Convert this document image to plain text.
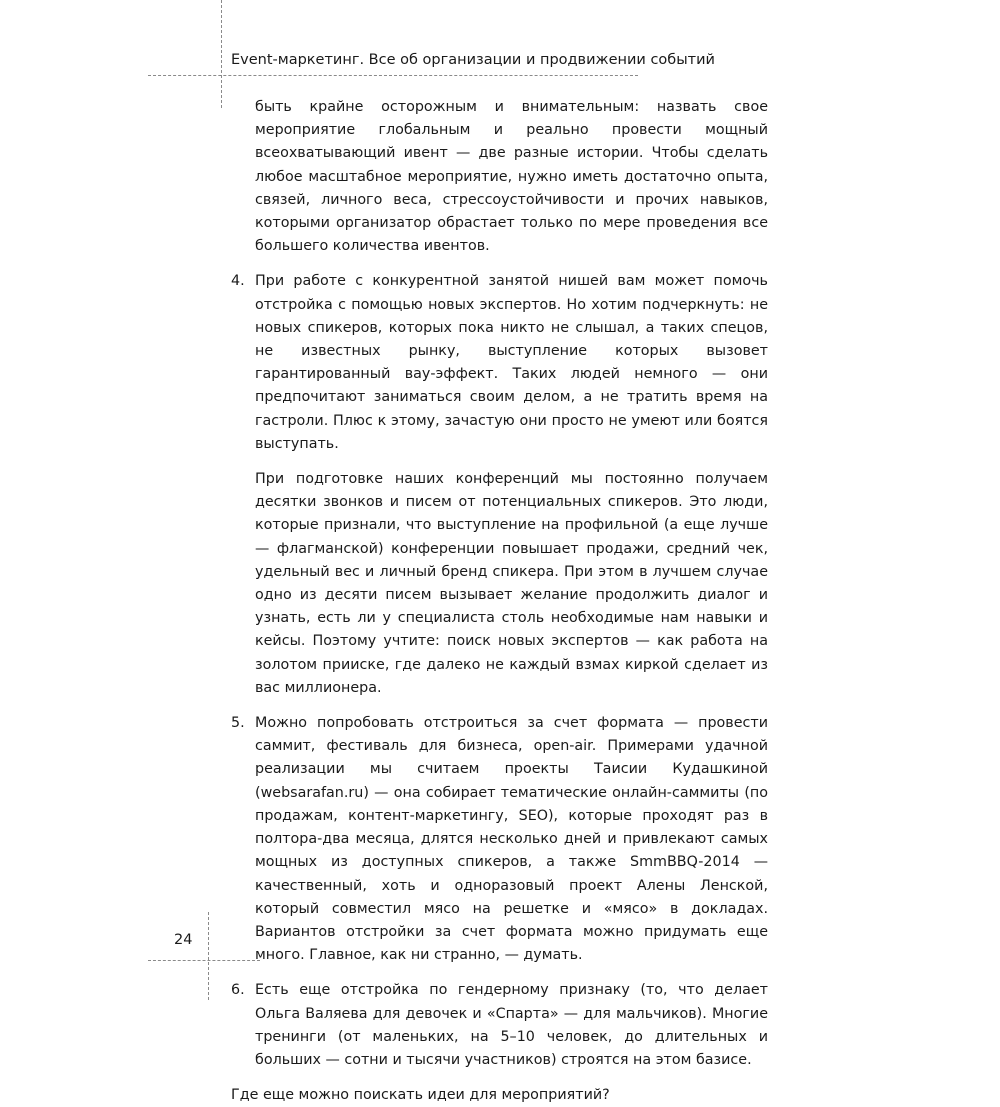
Event-маркетинг. Все об организации и продвижении событий

быть крайне осторожным и внимательным: назвать свое мероприятие глобальным и реально провести мощный всеохватывающий ивент — две разные истории. Чтобы сделать любое масштабное мероприятие, нужно иметь достаточно опыта, связей, личного веса, стрессоустойчивости и прочих навыков, которыми организатор обрастает только по мере проведения все большего количества ивентов.

4. При работе с конкурентной занятой нишей вам может помочь отстройка с помощью новых экспертов. Но хотим подчеркнуть: не новых спикеров, которых пока никто не слышал, а таких спецов, не известных рынку, выступление которых вызовет гарантированный вау-эффект. Таких людей немного — они предпочитают заниматься своим делом, а не тратить время на гастроли. Плюс к этому, зачастую они просто не умеют или боятся выступать.

При подготовке наших конференций мы постоянно получаем десятки звонков и писем от потенциальных спикеров. Это люди, которые признали, что выступление на профильной (а еще лучше — флагманской) конференции повышает продажи, средний чек, удельный вес и личный бренд спикера. При этом в лучшем случае одно из десяти писем вызывает желание продолжить диалог и узнать, есть ли у специалиста столь необходимые нам навыки и кейсы. Поэтому учтите: поиск новых экспертов — как работа на золотом прииске, где далеко не каждый взмах киркой сделает из вас миллионера.

5. Можно попробовать отстроиться за счет формата — провести саммит, фестиваль для бизнеса, open-air. Примерами удачной реализации мы считаем проекты Таисии Кудашкиной (websarafan.ru) — она собирает тематические онлайн-саммиты (по продажам, контент-маркетингу, SEO), которые проходят раз в полтора-два месяца, длятся несколько дней и привлекают самых мощных из доступных спикеров, а также SmmBBQ-2014 — качественный, хоть и одноразовый проект Алены Ленской, который совместил мясо на решетке и «мясо» в докладах. Вариантов отстройки за счет формата можно придумать еще много. Главное, как ни странно, — думать.
6. Есть еще отстройка по гендерному признаку (то, что делает Ольга Валяева для девочек и «Спарта» — для мальчиков). Многие тренинги (от маленьких, на 5–10 человек, до длительных и больших — сотни и тысячи участников) строятся на этом базисе.

Где еще можно поискать идеи для мероприятий?

24
